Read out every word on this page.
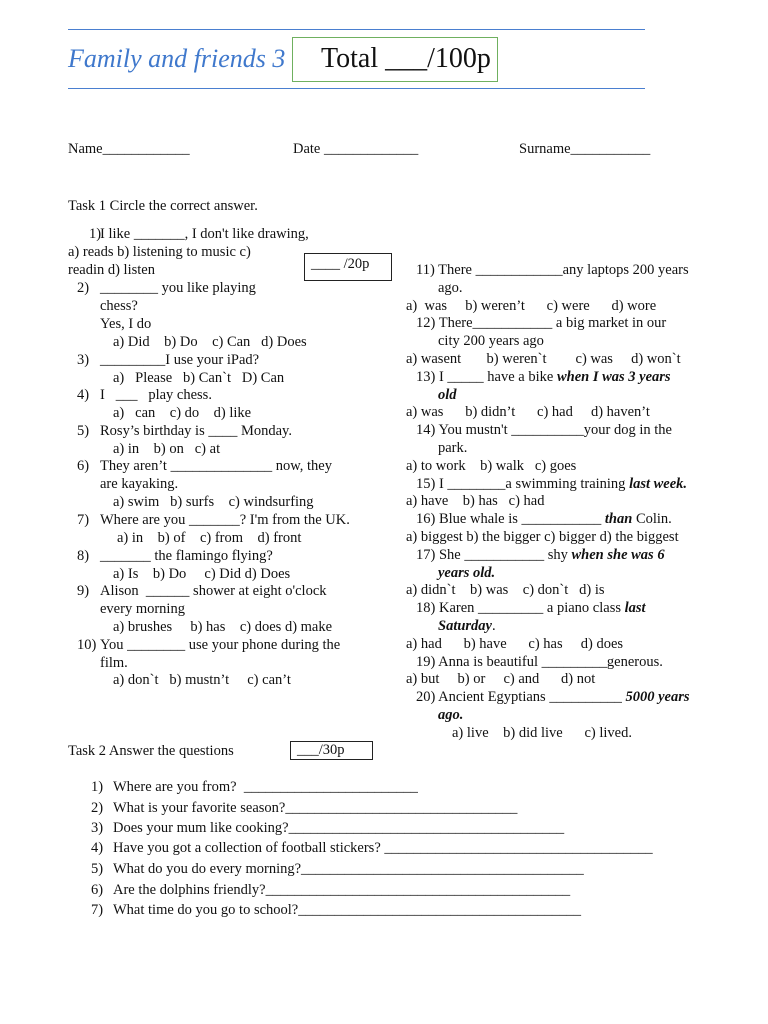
Family and friends 3 Total ___/100p
Name____________	Date _____________	Surname___________
Task 1 Circle the correct answer.
1)
I like _______, I don't like drawing,
a) reads b) listening to music c)
readin d) listen	____ /20p
2) ________ you like playing
chess?
Yes, I do
a) Did    b) Do    c) Can   d) Does
3) _________I use your iPad?
a)   Please   b) Can`t   D) Can
4) I   ___   play chess.
a)   can    c) do    d) like
5) Rosy’s birthday is ____ Monday.
a) in    b) on   c) at
6) They aren’t ______________ now, they
are kayaking.
a) swim   b) surfs    c) windsurfing
7) Where are you _______? I'm from the UK.
a) in    b) of    c) from    d) front
8) _______ the flamingo flying?
a) Is    b) Do     c) Did d) Does
9) Alison  ______ shower at eight o'clock
every morning
a) brushes     b) has    c) does d) make
10) You ________ use your phone during the
film.
a) don`t   b) mustn’t     c) can’t
11) There ____________any laptops 200 years
ago.
a)  was     b) weren’t      c) were      d) wore
12) There___________ a big market in our
city 200 years ago
a) wasent       b) weren`t        c) was     d) won`t
13) I _____ have a bike when I was 3 years
old
a) was      b) didn’t      c) had     d) haven’t
14) You mustn't __________your dog in the
park.
a) to work    b) walk   c) goes
15) I ________a swimming training last week.
a) have    b) has   c) had
16) Blue whale is ___________ than Colin.
a) biggest b) the bigger c) bigger d) the biggest
17) She ___________ shy when she was 6
years old.
a) didn`t    b) was    c) don`t   d) is
18) Karen _________ a piano class last
Saturday.
a) had      b) have      c) has     d) does
19) Anna is beautiful _________generous.
a) but     b) or     c) and      d) not
20) Ancient Egyptians __________ 5000 years
ago.
a) live    b) did live      c) lived.
Task 2 Answer the questions	___/30p
1) Where are you from?  ________________________
2) What is your favorite season?________________________________
3) Does your mum like cooking?______________________________________
4) Have you got a collection of football stickers? _____________________________________
5) What do you do every morning?_______________________________________
6) Are the dolphins friendly?__________________________________________
7) What time do you go to school?_______________________________________
